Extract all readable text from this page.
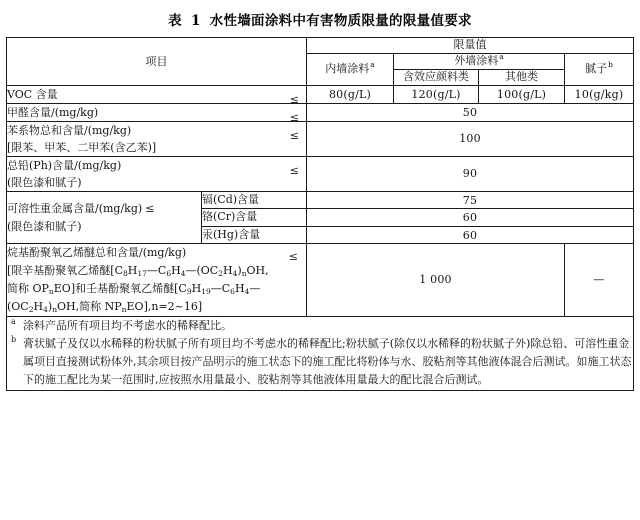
表 1 水性墙面涂料中有害物质限量的限量值要求
项目		限量值			
		内墙涂料$^a$	外墙涂料$^a$		腻子$^b$
			含效应颜料类	其他类	

VOC 含量 ≤		80(g/L)	120(g/L)	100(g/L)	10(g/kg)

甲醛含量/(mg/kg) ≤		50			

苯系物总和含量/(mg/kg)
[限苯、甲苯、二甲苯(含乙苯)]
≤		100			

总铅(Ph)含量/(mg/kg)
(限色漆和腻子)
≤		90			

可溶性重金属含量/(mg/kg) ≤
(限色漆和腻子)	镉(Cd)含量	75			
	铬(Cr)含量	60			
	汞(Hg)含量	60			

烷基酚聚氧乙烯醚总和含量/(mg/kg) ≤
[限辛基酚聚氧乙烯醚[$C_8H_{17}—C_6H_4—(OC_2H_4)_nOH$,
简称 $OP_nEO$]和壬基酚聚氧乙烯醚[$C_9H_{19}—C_6H_4—$
$(OC_2H_4)_nOH$,简称 $NP_nEO],n=2\sim 16$]		1 000			—

a 涂料产品所有项目均不考虑水的稀释配比。
b 膏状腻子及仅以水稀释的粉状腻子所有项目均不考虑水的稀释配比;粉状腻子(除仅以水稀释的粉状腻子外)除总铅、可溶性重金属项目直接测试粉体外,其余项目按产品明示的施工状态下的施工配比将粉体与水、胶粘剂等其他液体混合后测试。如施工状态下的施工配比为某一范围时,应按照水用量最小、胶粘剂等其他液体用量最大的配比混合后测试。					
